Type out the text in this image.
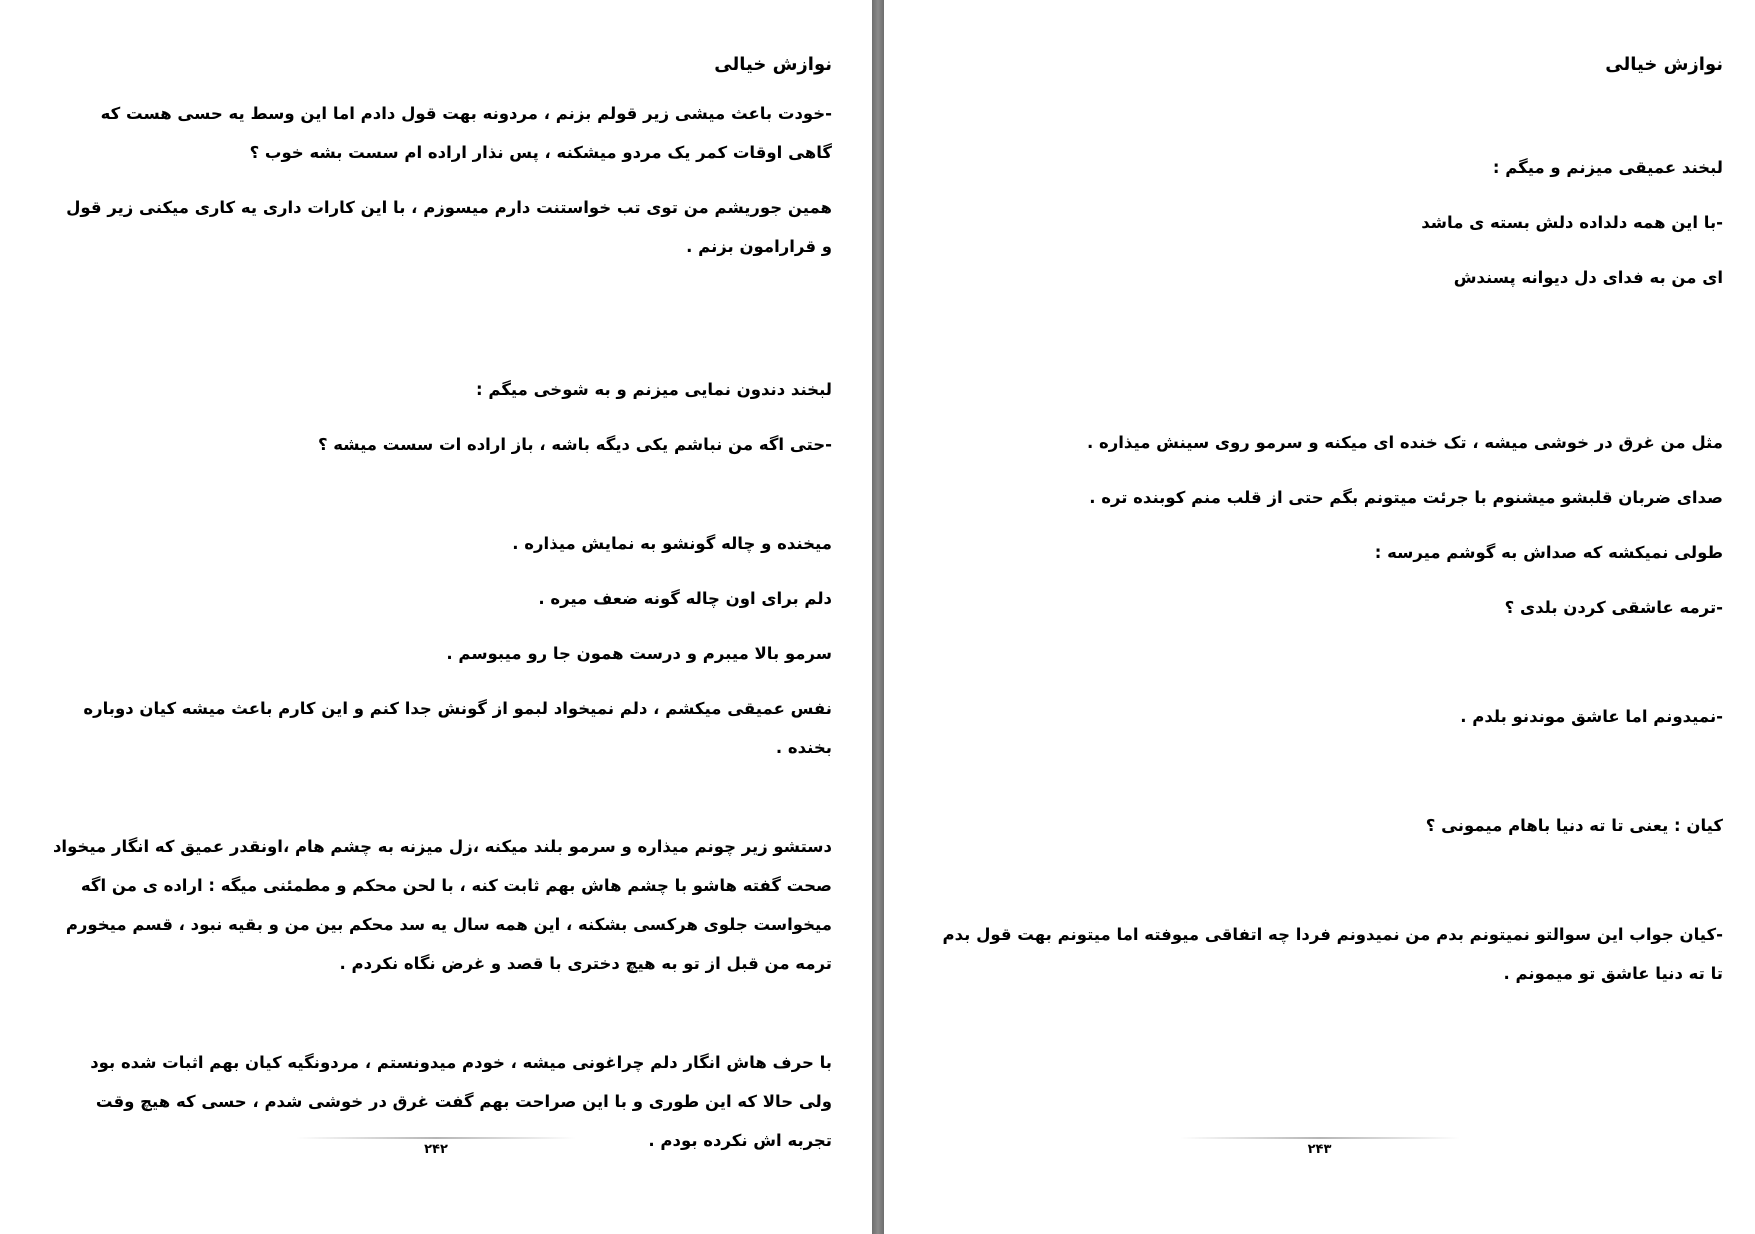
نوازش خیالی

-خودت باعث میشی زیر قولم بزنم ، مردونه بهت قول دادم اما این وسط یه حسی هست که گاهی اوقات کمر یک مردو میشکنه ، پس نذار اراده ام سست بشه خوب ؟

همین جوریشم من توی تب خواستنت دارم میسوزم ، با این کارات داری یه کاری میکنی زیر قول و قرارامون بزنم .

لبخند دندون نمایی میزنم و به شوخی میگم :

-حتی اگه من نباشم یکی دیگه باشه ، باز اراده ات سست میشه ؟

میخنده و چاله گونشو به نمایش میذاره .

دلم برای اون چاله گونه ضعف میره .

سرمو بالا میبرم و درست همون جا رو میبوسم .

نفس عمیقی میکشم ، دلم نمیخواد لبمو از گونش جدا کنم و این کارم باعث میشه کیان دوباره بخنده .

دستشو زیر چونم میذاره و سرمو بلند میکنه ،زل میزنه به چشم هام ،اونقدر عمیق که انگار میخواد صحت گفته هاشو با چشم هاش بهم ثابت کنه ، با لحن محکم و مطمئنی میگه : اراده ی من اگه میخواست جلوی هرکسی بشکنه ، این همه سال یه سد محکم بین من و بقیه نبود ، قسم میخورم ترمه من قبل از تو به هیچ دختری با قصد و غرض نگاه نکردم .

با حرف هاش انگار دلم چراغونی میشه ، خودم میدونستم ، مردونگیه کیان بهم اثبات شده بود ولی حالا که این طوری و با این صراحت بهم گفت غرق در خوشی شدم ، حسی که هیچ وقت تجربه اش نکرده بودم .

۲۴۲
نوازش خیالی

لبخند عمیقی میزنم و میگم :

-با این همه دلداده دلش بسته ی ماشد

ای من به فدای دل دیوانه پسندش

مثل من غرق در خوشی میشه ، تک خنده ای میکنه و سرمو روی سینش میذاره .

صدای ضربان قلبشو میشنوم با جرئت میتونم بگم حتی از قلب منم کوبنده تره .

طولی نمیکشه که صداش به گوشم میرسه :

-ترمه عاشقی کردن بلدی ؟

-نمیدونم اما عاشق موندنو بلدم .

کیان : یعنی تا ته دنیا باهام میمونی ؟

-کیان جواب این سوالتو نمیتونم بدم من نمیدونم فردا چه اتفاقی میوفته اما میتونم بهت قول بدم تا ته دنیا عاشق تو میمونم .

۲۴۳
